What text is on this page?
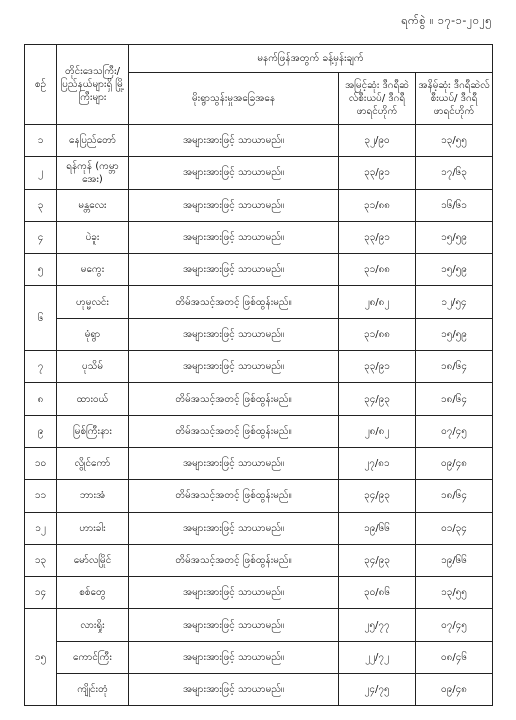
ရက်စွဲ ။ ၁၇-၁-၂၀၂၅
စဉ်	တိုင်းဒေသကြီး/ ပြည်နယ်များရှိ မြို့ကြီးများ	မနက်ဖြန်အတွက် ခန့်မှန်းချက်		
		မိုးရွာသွန်းမှုအခြေအနေ	အမြင့်ဆုံး ဒီဂရီဆဲလ်စီးယပ်/ ဒီဂရီဖာရင်ဟိုက်	အနိမ့်ဆုံး ဒီဂရီဆဲလ်စီးယပ်/ ဒီဂရီဖာရင်ဟိုက်
၁	နေပြည်တော်	အများအားဖြင့် သာယာမည်။	၃၂/၉၀	၁၃/၅၅
၂	ရန်ကုန် (ကမ္ဘာအေး)	အများအားဖြင့် သာယာမည်။	၃၃/၉၁	၁၇/၆၃
၃	မန္တလေး	အများအားဖြင့် သာယာမည်။	၃၁/၈၈	၁၆/၆၁
၄	ပဲခူး	အများအားဖြင့် သာယာမည်။	၃၃/၉၁	၁၅/၅၉
၅	မကွေး	အများအားဖြင့် သာယာမည်။	၃၁/၈၈	၁၅/၅၉
၆	ဟုမ္မလင်း	တိမ်အသင့်အတင့် ဖြစ်ထွန်းမည်။	၂၈/၈၂	၁၂/၅၄
	မုံရွာ	အများအားဖြင့် သာယာမည်။	၃၁/၈၈	၁၅/၅၉
၇	ပုသိမ်	အများအားဖြင့် သာယာမည်။	၃၃/၉၁	၁၈/၆၄
၈	ထားဝယ်	တိမ်အသင့်အတင့် ဖြစ်ထွန်းမည်။	၃၄/၉၃	၁၈/၆၄
၉	မြစ်ကြီးနား	တိမ်အသင့်အတင့် ဖြစ်ထွန်းမည်။	၂၈/၈၂	၀၇/၄၅
၁၀	လွိုင်ကော်	အများအားဖြင့် သာယာမည်။	၂၇/၈၁	၀၉/၄၈
၁၁	ဘားအံ	တိမ်အသင့်အတင့် ဖြစ်ထွန်းမည်။	၃၄/၉၃	၁၈/၆၄
၁၂	ဟားခါး	အများအားဖြင့် သာယာမည်။	၁၉/၆၆	၀၁/၃၄
၁၃	မော်လမြိုင်	တိမ်အသင့်အတင့် ဖြစ်ထွန်းမည်။	၃၄/၉၃	၁၉/၆၆
၁၄	စစ်တွေ	အများအားဖြင့် သာယာမည်။	၃၀/၈၆	၁၃/၅၅
၁၅	လားရှိုး	အများအားဖြင့် သာယာမည်။	၂၅/၇၇	၀၇/၄၅
	ကောင်ကြီး	အများအားဖြင့် သာယာမည်။	၂၂/၇၂	၀၈/၄၆
	ကျိုင်းတုံ	အများအားဖြင့် သာယာမည်။	၂၄/၇၅	၀၉/၄၈
